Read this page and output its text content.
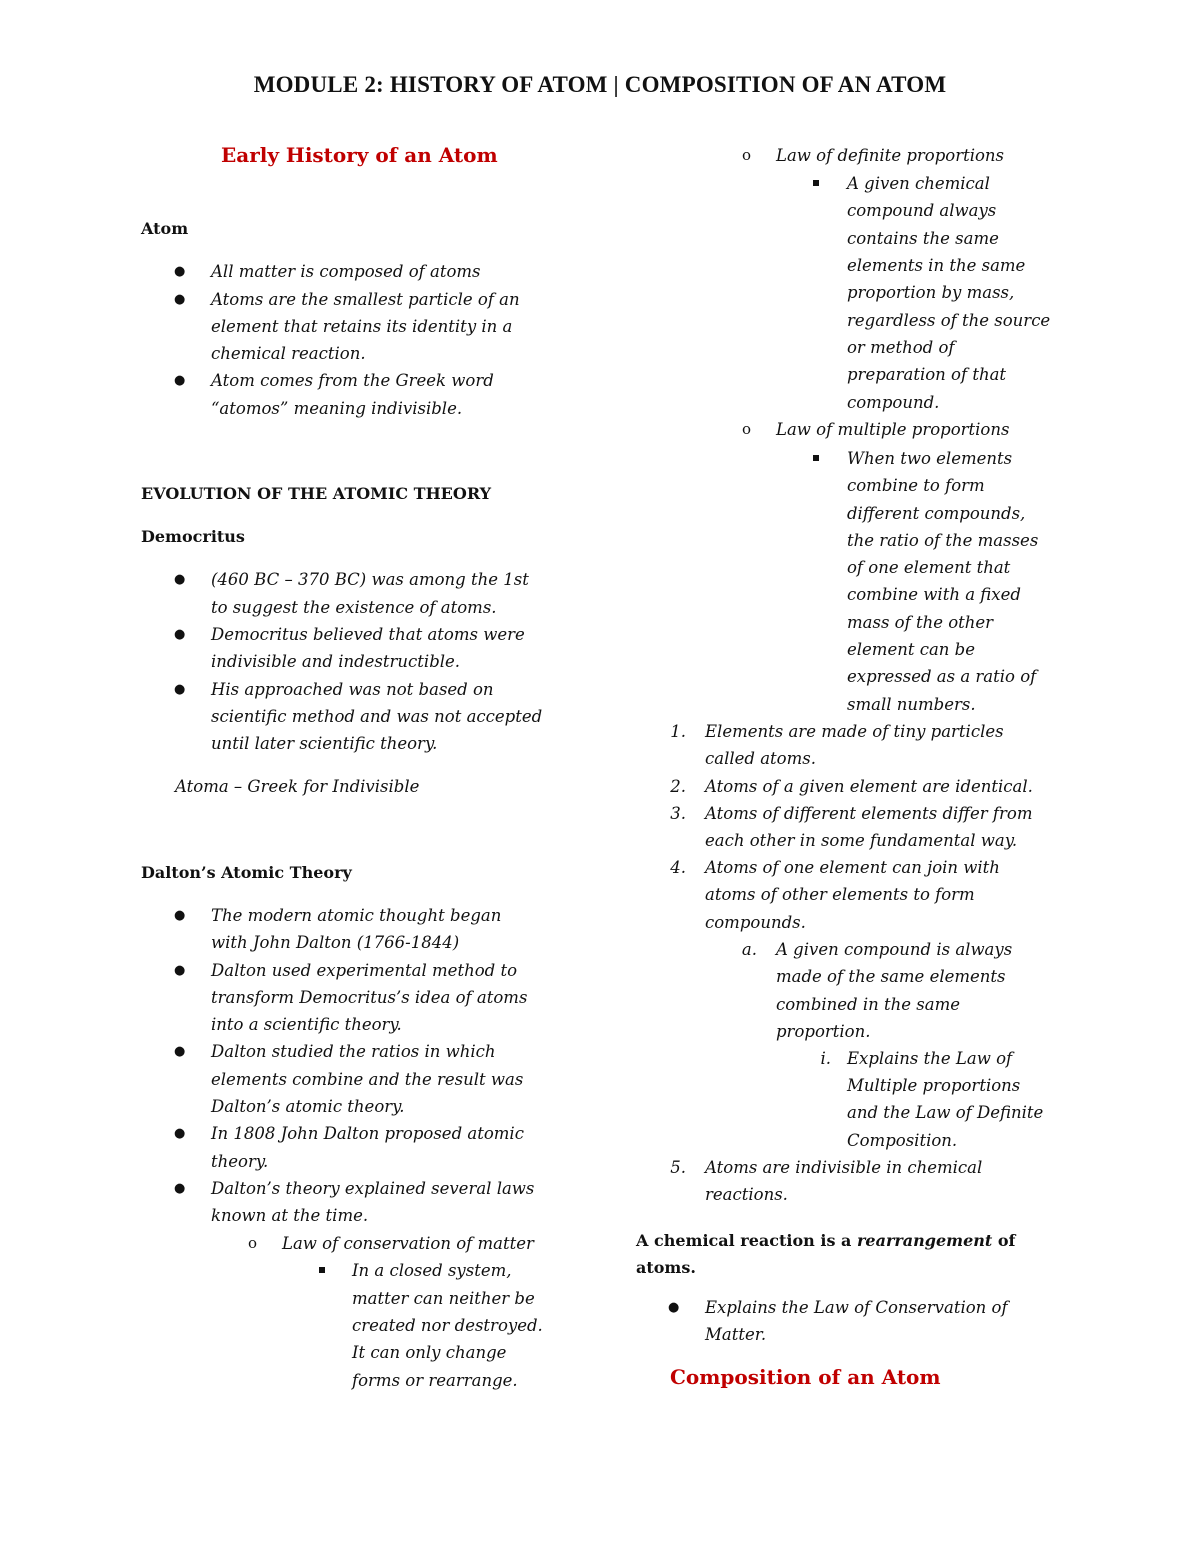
MODULE 2: HISTORY OF ATOM | COMPOSITION OF AN ATOM
Early History of an Atom
Atom
● All matter is composed of atoms
● Atoms are the smallest particle of an
element that retains its identity in a
chemical reaction.
● Atom comes from the Greek word
“atomos” meaning indivisible.
EVOLUTION OF THE ATOMIC THEORY
Democritus
● (460 BC – 370 BC) was among the 1st
to suggest the existence of atoms.
● Democritus believed that atoms were
indivisible and indestructible.
● His approached was not based on
scientific method and was not accepted
until later scientific theory.
Atoma – Greek for Indivisible
Dalton’s Atomic Theory
● The modern atomic thought began
with John Dalton (1766-1844)
● Dalton used experimental method to
transform Democritus’s idea of atoms
into a scientific theory.
● Dalton studied the ratios in which
elements combine and the result was
Dalton’s atomic theory.
● In 1808 John Dalton proposed atomic
theory.
● Dalton’s theory explained several laws
known at the time.
o Law of conservation of matter
In a closed system,
matter can neither be
created nor destroyed.
It can only change
forms or rearrange.
o Law of definite proportions
A given chemical
compound always
contains the same
elements in the same
proportion by mass,
regardless of the source
or method of
preparation of that
compound.
o Law of multiple proportions
When two elements
combine to form
different compounds,
the ratio of the masses
of one element that
combine with a fixed
mass of the other
element can be
expressed as a ratio of
small numbers.
1. Elements are made of tiny particles
called atoms.
2. Atoms of a given element are identical.
3. Atoms of different elements differ from
each other in some fundamental way.
4. Atoms of one element can join with
atoms of other elements to form
compounds.
a. A given compound is always
made of the same elements
combined in the same
proportion.
i. Explains the Law of
Multiple proportions
and the Law of Definite
Composition.
5. Atoms are indivisible in chemical
reactions.
A chemical reaction is a rearrangement of
atoms.
● Explains the Law of Conservation of
Matter.
Composition of an Atom
